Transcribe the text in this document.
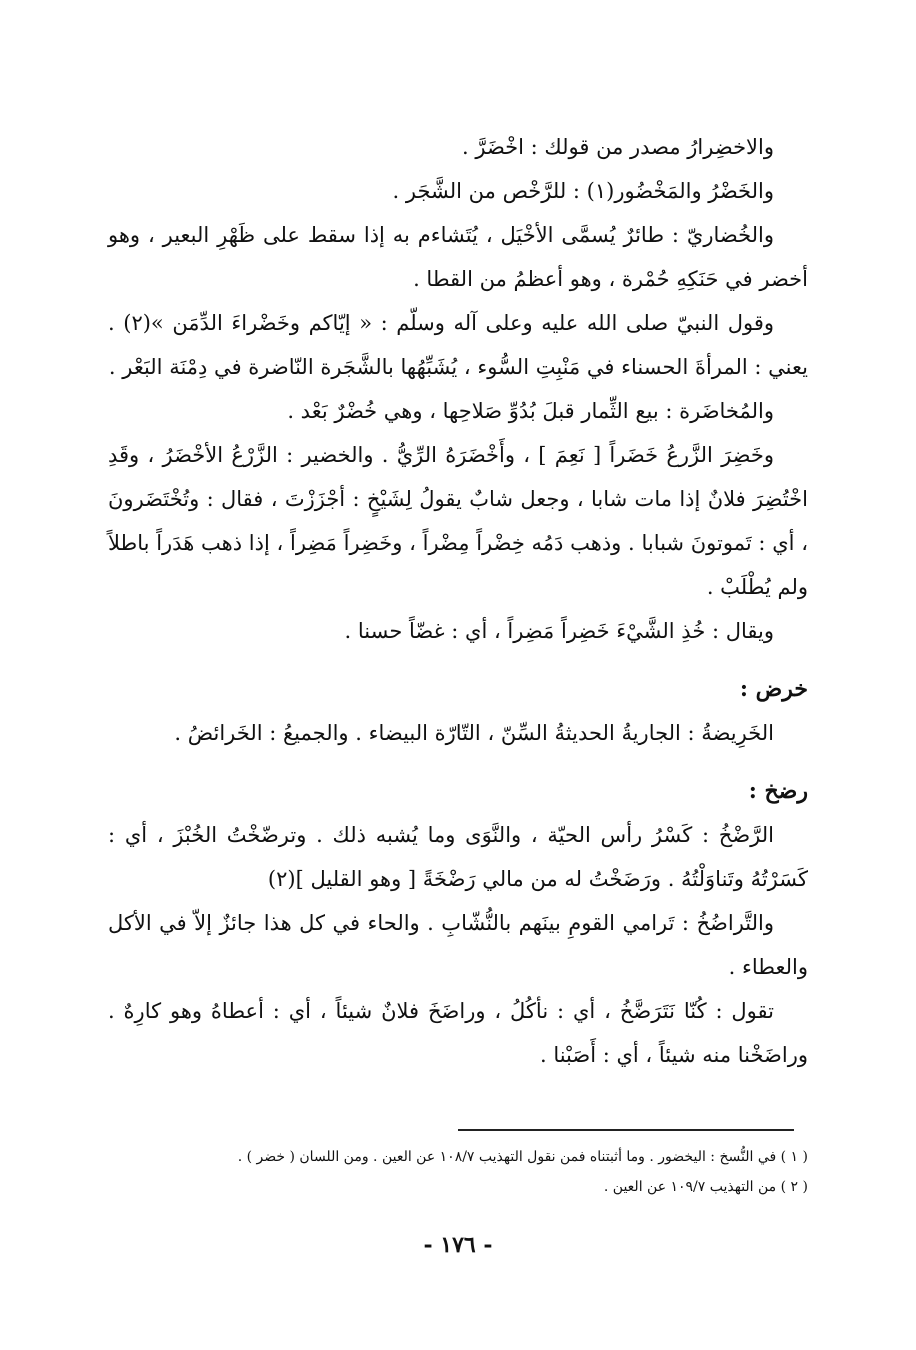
والاخضِرارُ مصدر من قولك : اخْضَرَّ .

والخَضْرُ والمَخْضُور(١) : للرَّخْص من الشَّجَر .

والخُضاريّ : طائرٌ يُسمَّى الأخْيَل ، يُتَشاءم به إذا سقط على ظَهْرِ البعير ، وهو أخضر في حَنَكِهِ حُمْرة ، وهو أعظمُ من القطا .

وقول النبيّ صلى الله عليه وعلى آله وسلّم : « إيّاكم وخَضْراءَ الدِّمَن »(٢) . يعني : المرأةَ الحسناء في مَنْبِتِ السُّوء ، يُشَبِّهُها بالشَّجَرة النّاضرة في دِمْنَة البَعْر .

والمُخاضَرة : بيع الثِّمار قبلَ بُدُوِّ صَلاحِها ، وهي خُضْرٌ بَعْد .

وخَضِرَ الزَّرعُ خَضَراً [ نَعِمَ ] ، وأَخْضَرَهُ الرِّيُّ . والخضير : الزَّرْعُ الأخْضَرُ ، وقَدِ اخْتُضِرَ فلانٌ إذا مات شابا ، وجعل شابٌ يقولُ لِشَيْخٍ : أجْزَزْتَ ، فقال : وتُخْتَضَرونَ ، أي : تَموتونَ شبابا . وذهب دَمُه خِضْراً مِضْراً ، وخَضِراً مَضِراً ، إذا ذهب هَدَراً باطلاً ولم يُطْلَبْ .

ويقال : خُذِ الشَّيْءَ خَضِراً مَضِراً ، أي : غضّاً حسنا .

خرض :

الخَرِيضةُ : الجاريةُ الحديثةُ السِّنّ ، التّارّة البيضاء . والجميعُ : الخَرائضُ .

رضخ :

الرَّضْخُ : كَسْرُ رأس الحيّة ، والنَّوَى وما يُشبه ذلك . وترضّخْتُ الخُبْزَ ، أي : كَسَرْتُهُ وتَناوَلْتُهُ . ورَضَخْتُ له من مالي رَضْخَةً [ وهو القليل ](٢)

والتَّراضُخُ : تَرامي القومِ بينَهم بالنُّشّابِ . والحاء في كل هذا جائزٌ إلاّ في الأكل والعطاء .

تقول : كُنّا نَتَرَضَّخُ ، أي : نأكُلُ ، وراضَخَ فلانٌ شيئاً ، أي : أعطاهُ وهو كارِهٌ . وراضَخْنا منه شيئاً ، أي : أَصَبْنا .

( ١ ) في النُّسخ : اليخضور . وما أثبتناه فمن نقول التهذيب ١٠٨/٧ عن العين . ومن اللسان ( خضر ) .

( ٢ ) من التهذيب ١٠٩/٧ عن العين .

- ١٧٦ -
